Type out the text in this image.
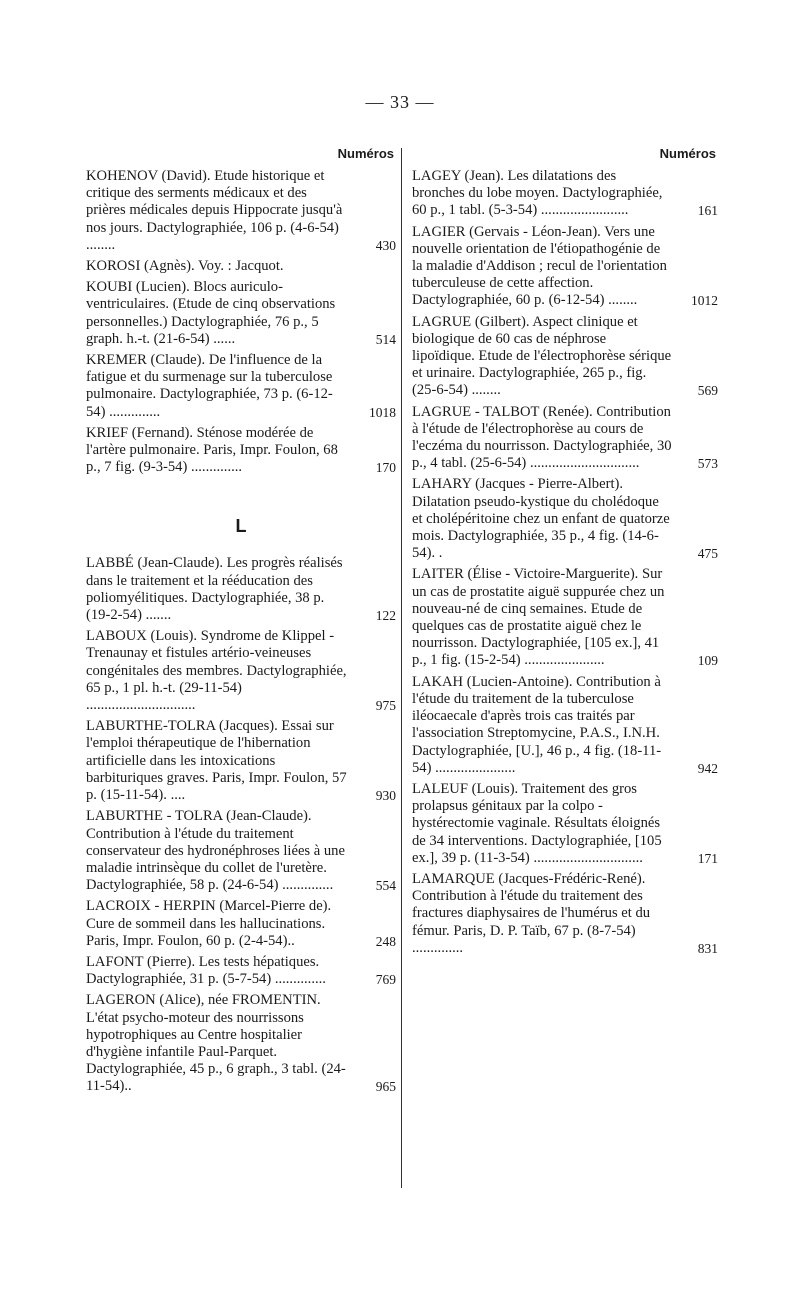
— 33 —
Numéros
KOHENOV (David). Etude historique et critique des serments médicaux et des prières médicales depuis Hippocrate jusqu'à nos jours. Dactylographiée, 106 p. (4-6-54) ........	430
KOROSI (Agnès). Voy. : Jacquot.
KOUBI (Lucien). Blocs auriculo-ventriculaires. (Etude de cinq observations personnelles.) Dactylographiée, 76 p., 5 graph. h.-t. (21-6-54) ......	514
KREMER (Claude). De l'influence de la fatigue et du surmenage sur la tuberculose pulmonaire. Dactylographiée, 73 p. (6-12-54) ..............	1018
KRIEF (Fernand). Sténose modérée de l'artère pulmonaire. Paris, Impr. Foulon, 68 p., 7 fig. (9-3-54) ..............	170
L
LABBÉ (Jean-Claude). Les progrès réalisés dans le traitement et la rééducation des poliomyélitiques. Dactylographiée, 38 p. (19-2-54) .......	122
LABOUX (Louis). Syndrome de Klippel - Trenaunay et fistules artério-veineuses congénitales des membres. Dactylographiée, 65 p., 1 pl. h.-t. (29-11-54) ..............................	975
LABURTHE-TOLRA (Jacques). Essai sur l'emploi thérapeutique de l'hibernation artificielle dans les intoxications barbituriques graves. Paris, Impr. Foulon, 57 p. (15-11-54). ....	930
LABURTHE - TOLRA (Jean-Claude). Contribution à l'étude du traitement conservateur des hydronéphroses liées à une maladie intrinsèque du collet de l'uretère. Dactylographiée, 58 p. (24-6-54) ..............	554
LACROIX - HERPIN (Marcel-Pierre de). Cure de sommeil dans les hallucinations. Paris, Impr. Foulon, 60 p. (2-4-54)..	248
LAFONT (Pierre). Les tests hépatiques. Dactylographiée, 31 p. (5-7-54) ..............	769
LAGERON (Alice), née FROMENTIN. L'état psycho-moteur des nourrissons hypotrophiques au Centre hospitalier d'hygiène infantile Paul-Parquet. Dactylographiée, 45 p., 6 graph., 3 tabl. (24-11-54)..	965
Numéros
LAGEY (Jean). Les dilatations des bronches du lobe moyen. Dactylographiée, 60 p., 1 tabl. (5-3-54) ........................	161
LAGIER (Gervais - Léon-Jean). Vers une nouvelle orientation de l'étiopathogénie de la maladie d'Addison ; recul de l'orientation tuberculeuse de cette affection. Dactylographiée, 60 p. (6-12-54) ........	1012
LAGRUE (Gilbert). Aspect clinique et biologique de 60 cas de néphrose lipoïdique. Etude de l'électrophorèse sérique et urinaire. Dactylographiée, 265 p., fig. (25-6-54) ........	569
LAGRUE - TALBOT (Renée). Contribution à l'étude de l'électrophorèse au cours de l'eczéma du nourrisson. Dactylographiée, 30 p., 4 tabl. (25-6-54) ..............................	573
LAHARY (Jacques - Pierre-Albert). Dilatation pseudo-kystique du cholédoque et cholépéritoine chez un enfant de quatorze mois. Dactylographiée, 35 p., 4 fig. (14-6-54). .	475
LAITER (Élise - Victoire-Marguerite). Sur un cas de prostatite aiguë suppurée chez un nouveau-né de cinq semaines. Etude de quelques cas de prostatite aiguë chez le nourrisson. Dactylographiée, [105 ex.], 41 p., 1 fig. (15-2-54) ......................	109
LAKAH (Lucien-Antoine). Contribution à l'étude du traitement de la tuberculose iléocaecale d'après trois cas traités par l'association Streptomycine, P.A.S., I.N.H. Dactylographiée, [U.], 46 p., 4 fig. (18-11-54) ......................	942
LALEUF (Louis). Traitement des gros prolapsus génitaux par la colpo - hystérectomie vaginale. Résultats éloignés de 34 interventions. Dactylographiée, [105 ex.], 39 p. (11-3-54) ..............................	171
LAMARQUE (Jacques-Frédéric-René). Contribution à l'étude du traitement des fractures diaphysaires de l'humérus et du fémur. Paris, D. P. Taïb, 67 p. (8-7-54) ..............	831
